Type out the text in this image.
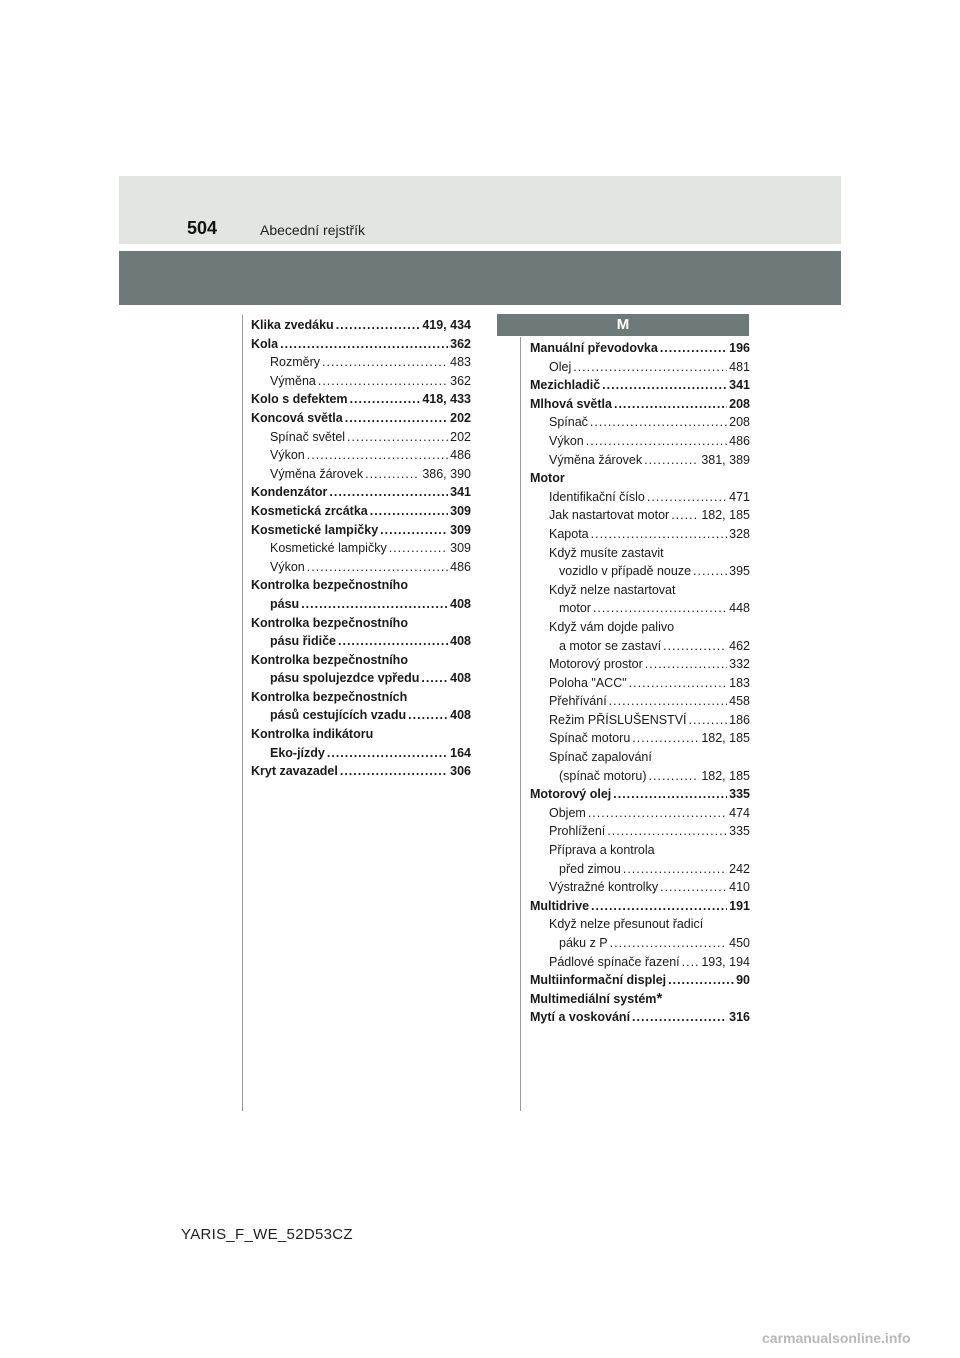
504	Abecední rejstřík
Klika zvedáku .....	419, 434
Kola .....	362
Rozměry .....	483
Výměna .....	362
Kolo s defektem .....	418, 433
Koncová světla .....	202
Spínač světel .....	202
Výkon .....	486
Výměna žárovek .....	386, 390
Kondenzátor .....	341
Kosmetická zrcátka .....	309
Kosmetické lampičky .....	309
Kosmetické lampičky .....	309
Výkon .....	486
Kontrolka bezpečnostního
pásu .....	408
Kontrolka bezpečnostního
pásu řidiče .....	408
Kontrolka bezpečnostního
pásu spolujezdce vpředu ..... 408
Kontrolka bezpečnostních
pásů cestujících vzadu .....	408
Kontrolka indikátoru
Eko-jízdy .....	164
Kryt zavazadel .....	306
M
Manuální převodovka .....	196
Olej .....	481
Mezichladič .....	341
Mlhová světla .....	208
Spínač .....	208
Výkon .....	486
Výměna žárovek .....	381, 389
Motor
Identifikační číslo .....	471
Jak nastartovat motor .....	182, 185
Kapota .....	328
Když musíte zastavit
vozidlo v případě nouze .....	395
Když nelze nastartovat
motor .....	448
Když vám dojde palivo
a motor se zastaví .....	462
Motorový prostor .....	332
Poloha "ACC" .....	183
Přehřívání .....	458
Režim PŘÍSLUŠENSTVÍ .....	186
Spínač motoru .....	182, 185
Spínač zapalování
(spínač motoru) .....	182, 185
Motorový olej .....	335
Objem .....	474
Prohlížení .....	335
Příprava a kontrola
před zimou .....	242
Výstražné kontrolky .....	410
Multidrive .....	191
Když nelze přesunout řadicí
páku z P .....	450
Pádlové spínače řazení ..... 193, 194
Multiinformační displej .....	90
Multimediální systém *
Mytí a voskování .....	316
YARIS_F_WE_52D53CZ
carmanualsonline.info
